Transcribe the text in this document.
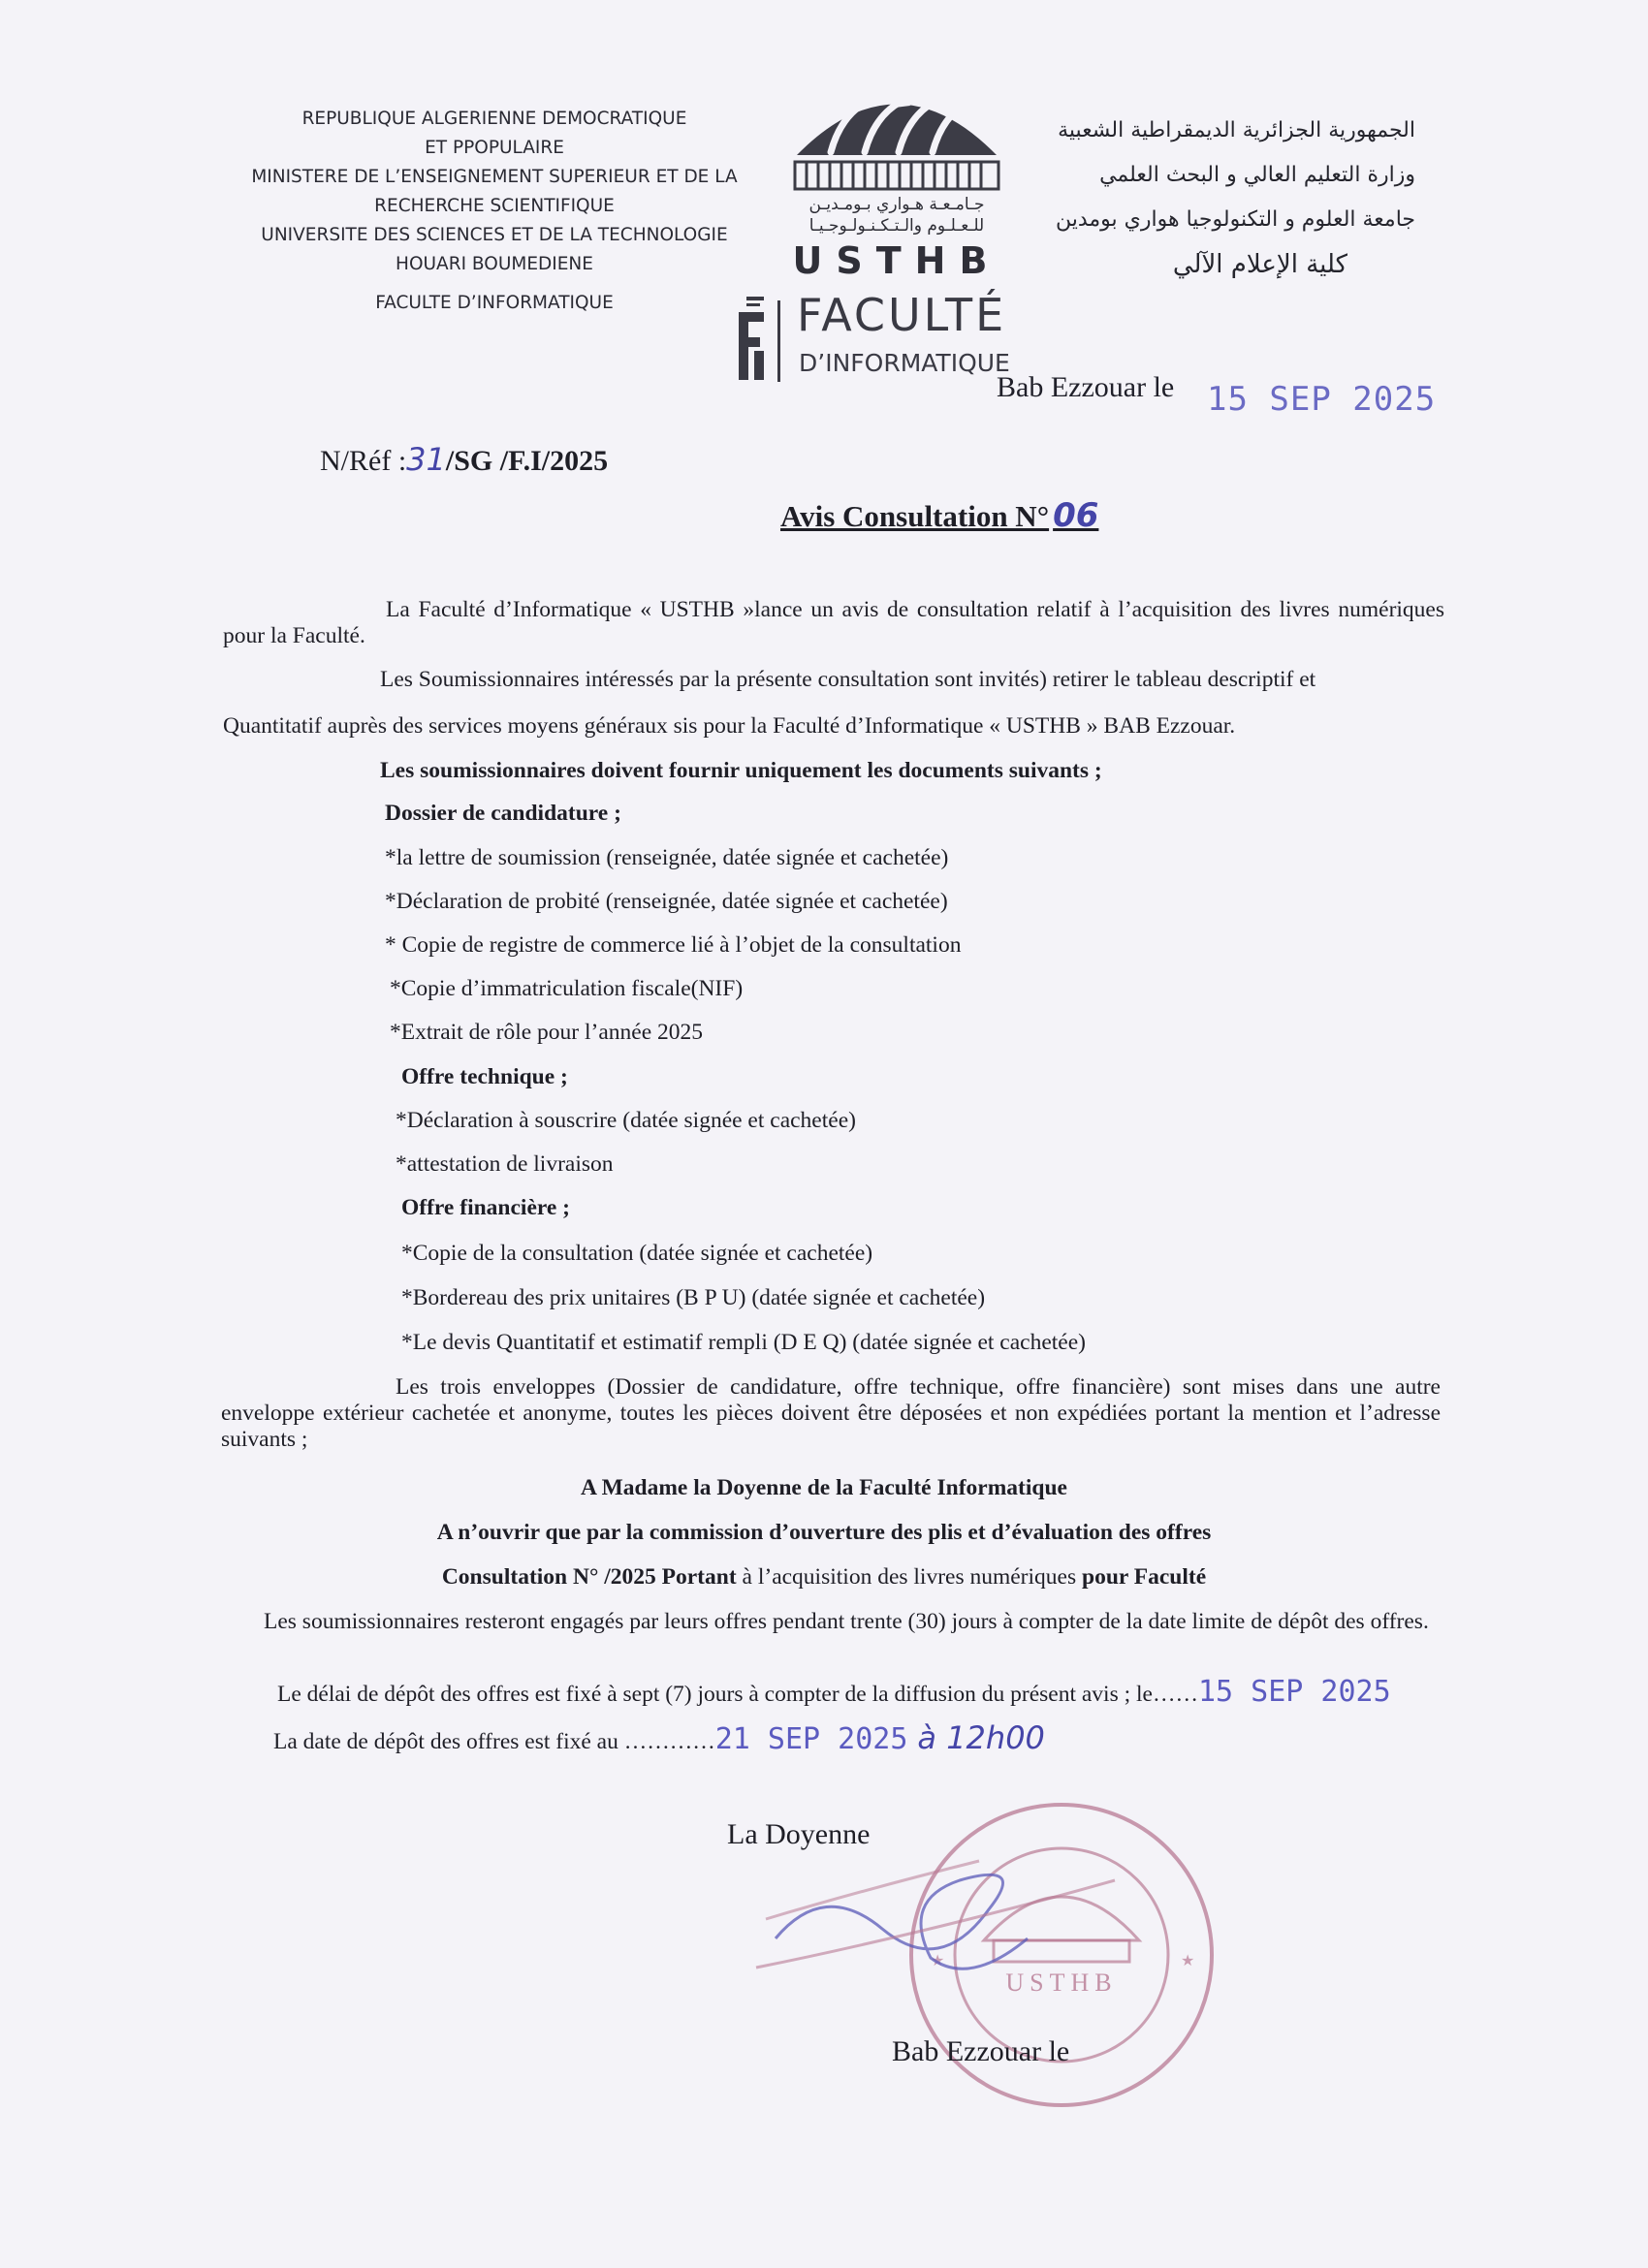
REPUBLIQUE ALGERIENNE DEMOCRATIQUE
ET PPOPULAIRE
MINISTERE DE L’ENSEIGNEMENT SUPERIEUR ET DE LA
RECHERCHE SCIENTIFIQUE
UNIVERSITE DES SCIENCES ET DE LA TECHNOLOGIE
HOUARI BOUMEDIENE
FACULTE D’INFORMATIQUE
جـامـعـة هـواري بـومـديـن
للـعـلـوم والـتـكـنـولـوجـيـا
USTHB
FACULTÉ
D’INFORMATIQUE
الجمهورية الجزائرية الديمقراطية الشعبية
وزارة التعليم العالي و البحث العلمي
جامعة العلوم و التكنولوجيا هواري بومدين
كلية الإعلام الآلي
Bab Ezzouar le 15 SEP 2025
N/Réf :31/SG /F.I/2025
Avis Consultation N° 06
La Faculté d’Informatique « USTHB »lance un avis de consultation relatif à l’acquisition des livres numériques pour la Faculté.
Les Soumissionnaires intéressés par la présente consultation sont invités) retirer le tableau descriptif et
Quantitatif auprès des services moyens généraux sis pour la Faculté d’Informatique « USTHB » BAB Ezzouar.
Les soumissionnaires doivent fournir uniquement les documents suivants ;
Dossier de candidature ;
*la lettre de soumission (renseignée, datée signée et cachetée)
*Déclaration de probité (renseignée, datée signée et cachetée)
* Copie de registre de commerce lié à l’objet de la consultation
*Copie d’immatriculation fiscale(NIF)
*Extrait de rôle pour l’année 2025
Offre technique ;
*Déclaration à souscrire (datée signée et cachetée)
*attestation de livraison
Offre financière ;
*Copie de la consultation (datée signée et cachetée)
*Bordereau des prix unitaires (B P U) (datée signée et cachetée)
*Le devis Quantitatif et estimatif rempli (D E Q) (datée signée et cachetée)
Les trois enveloppes (Dossier de candidature, offre technique, offre financière) sont mises dans une autre enveloppe extérieur cachetée et anonyme, toutes les pièces doivent être déposées et non expédiées portant la mention et l’adresse suivants ;
A Madame la Doyenne de la Faculté Informatique
A n’ouvrir que par la commission d’ouverture des plis et d’évaluation des offres
Consultation N° /2025 Portant à l’acquisition des livres numériques pour Faculté
Les soumissionnaires resteront engagés par leurs offres pendant trente (30) jours à compter de la date limite de dépôt des offres.
Le délai de dépôt des offres est fixé à sept (7) jours à compter de la diffusion du présent avis ; le……15 SEP 2025
La date de dépôt des offres est fixé au …………21 SEP 2025 à 12h00
USTHB
★	★
La Doyenne
Bab Ezzouar le
